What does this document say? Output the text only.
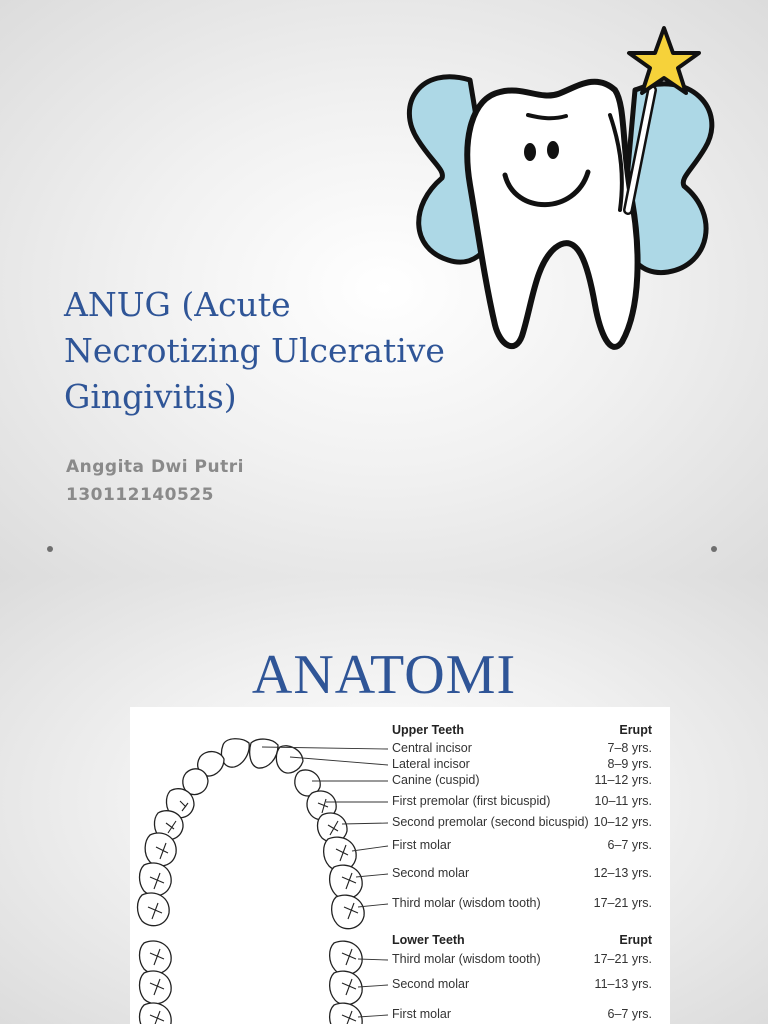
ANUG (Acute Necrotizing Ulcerative Gingivitis)
Anggita Dwi Putri
130112140525
ANATOMI
Upper Teeth	Erupt
Central incisor	7–8 yrs.
Lateral incisor	8–9 yrs.
Canine (cuspid)	11–12 yrs.
First premolar (first bicuspid)	10–11 yrs.
Second premolar (second bicuspid) 10–12 yrs.
First molar	6–7 yrs.
Second molar	12–13 yrs.
Third molar (wisdom tooth)	17–21 yrs.
Lower Teeth	Erupt
Third molar (wisdom tooth)	17–21 yrs.
Second molar	11–13 yrs.
First molar	6–7 yrs.
